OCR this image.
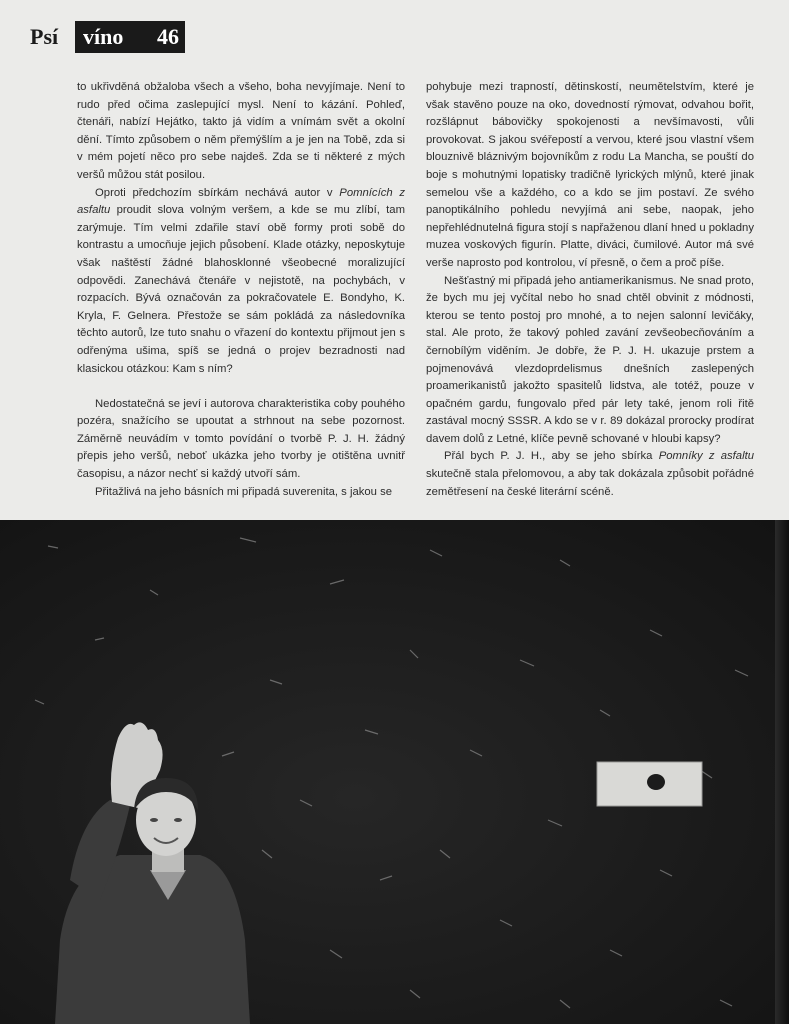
Psí	víno 46

to ukřivděná obžaloba všech a všeho, boha nevyjímaje. Není to rudo před očima zaslepující mysl. Není to kázání. Pohleď, čtenáři, nabízí Hejátko, takto já vidím a vnímám svět a okolní dění. Tímto způsobem o něm přemýšlím a je jen na Tobě, zda si v mém pojetí něco pro sebe najdeš. Zda se ti některé z mých veršů můžou stát posilou.

Oproti předchozím sbírkám nechává autor v Pomnících z asfaltu proudit slova volným veršem, a kde se mu zlíbí, tam zarýmuje. Tím velmi zdařile staví obě formy proti sobě do kontrastu a umocňuje jejich působení. Klade otázky, neposkytuje však naštěstí žádné blahosklonné všeobecné moralizující odpovědi. Zanechává čtenáře v nejistotě, na pochybách, v rozpacích. Bývá označován za pokračovatele E. Bondyho, K. Kryla, F. Gelnera. Přestože se sám pokládá za následovníka těchto autorů, lze tuto snahu o vřazení do kontextu přijmout jen s odřenýma ušima, spíš se jedná o projev bezradnosti nad klasickou otázkou: Kam s ním?

Nedostatečná se jeví i autorova charakteristika coby pouhého pozéra, snažícího se upoutat a strhnout na sebe pozornost. Záměrně neuvádím v tomto povídání o tvorbě P. J. H. žádný přepis jeho veršů, neboť ukázka jeho tvorby je otištěna uvnitř časopisu, a názor nechť si každý utvoří sám.

Přitažlivá na jeho básních mi připadá suverenita, s jakou se

pohybuje mezi trapností, dětinskostí, neumětelstvím, které je však stavěno pouze na oko, dovedností rýmovat, odvahou bořit, rozšlápnut bábovičky spokojenosti a nevšímavosti, vůli provokovat. S jakou svéřepostí a vervou, které jsou vlastní všem blouznivě bláznivým bojovníkům z rodu La Mancha, se pouští do boje s mohutnými lopatisky tradičně lyrických mlýnů, které jinak semelou vše a každého, co a kdo se jim postaví. Ze svého panoptikálního pohledu nevyjímá ani sebe, naopak, jeho nepřehlédnutelná figura stojí s napřaženou dlaní hned u pokladny muzea voskových figurín. Platte, diváci, čumilové. Autor má své verše naprosto pod kontrolou, ví přesně, o čem a proč píše.

Nešťastný mi připadá jeho antiamerikanismus. Ne snad proto, že bych mu jej vyčítal nebo ho snad chtěl obvinit z módnosti, kterou se tento postoj pro mnohé, a to nejen salonní levičáky, stal. Ale proto, že takový pohled zavání zevšeobecňováním a černobílým viděním. Je dobře, že P. J. H. ukazuje prstem a pojmenovává vlezdoprdelismus dnešních zaslepených proamerikanistů jakožto spasitelů lidstva, ale totéž, pouze v opačném gardu, fungovalo před pár lety také, jenom roli řitě zastával mocný SSSR. A kdo se v r. 89 dokázal prorocky prodírat davem dolů z Letné, klíče pevně schované v hloubi kapsy?

Přál bych P. J. H., aby se jeho sbírka Pomníky z asfaltu skutečně stala přelomovou, a aby tak dokázala způsobit pořádné zemětřesení na české literární scéně.
